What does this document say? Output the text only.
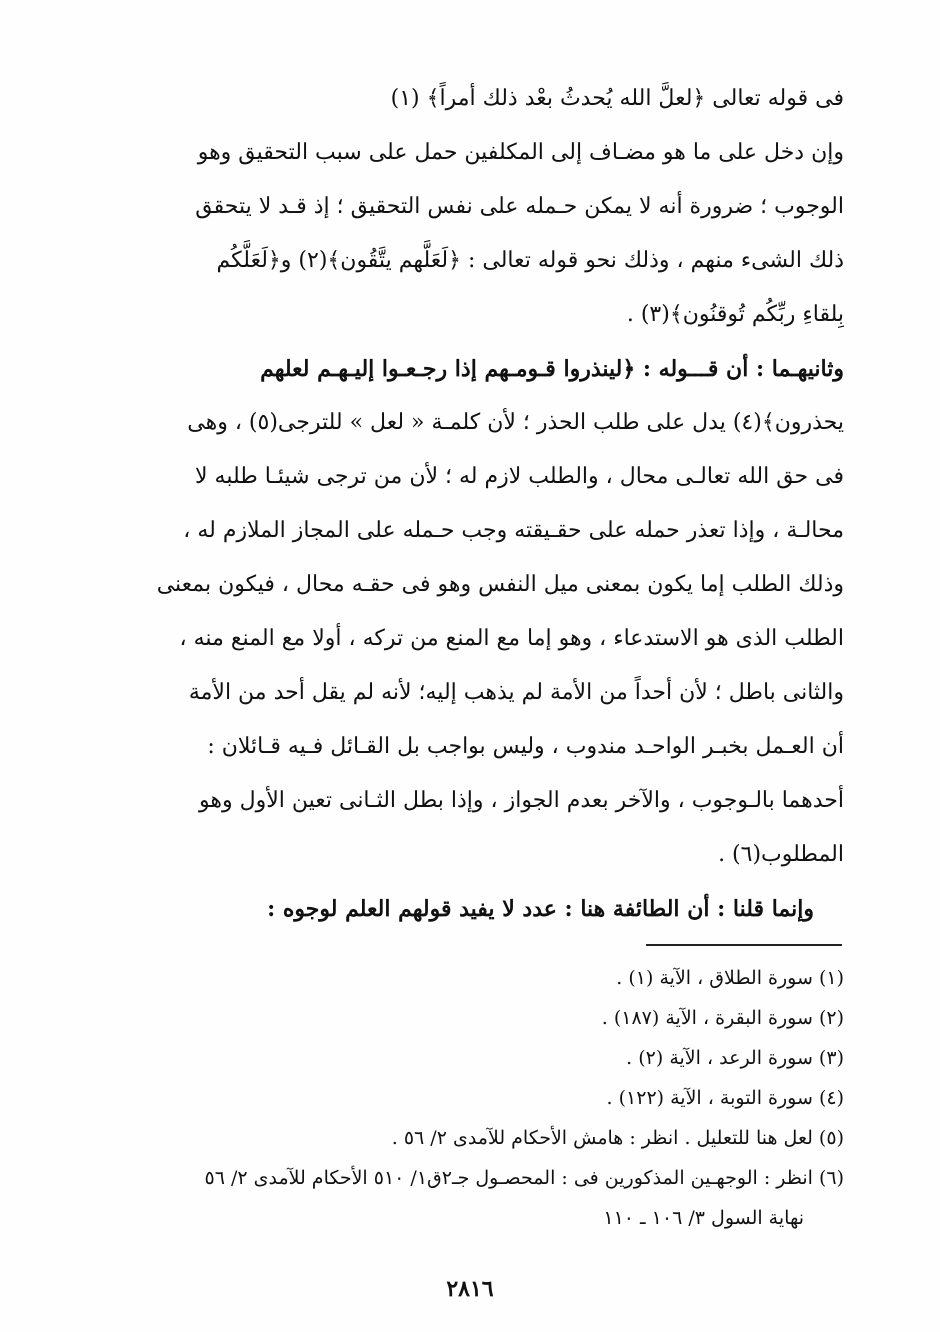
فى قوله تعالى ﴿لعلَّ الله يُحدثُ بعْد ذلك أمراً﴾ (١)
وإن دخل على ما هو مضـاف إلى المكلفين حمل على سبب التحقيق وهو
الوجوب ؛ ضرورة أنه لا يمكن حـمله على نفس التحقيق ؛ إذ قـد لا يتحقق
ذلك الشىء منهم ، وذلك نحو قوله تعالى : ﴿لَعَلَّهم يتَّقُون﴾(٢) و﴿لَعَلَّكُم
بِلقاءِ ربِّكُم تُوقنُون﴾(٣) .
وثانيهـما : أن قـــوله : ﴿لينذروا قـومـهم إذا رجـعـوا إليـهـم لعلهم
يحذرون﴾(٤) يدل على طلب الحذر ؛ لأن كلمـة « لعل » للترجى(٥) ، وهى
فى حق الله تعالـى محال ، والطلب لازم له ؛ لأن من ترجى شيئـا طلبه لا
محالـة ، وإذا تعذر حمله على حقـيقته وجب حـمله على المجاز الملازم له ،
وذلك الطلب إما يكون بمعنى ميل النفس وهو فى حقـه محال ، فيكون بمعنى
الطلب الذى هو الاستدعاء ، وهو إما مع المنع من تركه ، أولا مع المنع منه ،
والثانى باطل ؛ لأن أحداً من الأمة لم يذهب إليه؛ لأنه لم يقل أحد من الأمة
أن العـمل بخبـر الواحـد مندوب ، وليس بواجب بل القـائل فـيه قـائلان :
أحدهما بالـوجوب ، والآخر بعدم الجواز ، وإذا بطل الثـانى تعين الأول وهو
المطلوب(٦) .
وإنما قلنا : أن الطائفة هنا : عدد لا يفيد قولهم العلم لوجوه :
(١) سورة الطلاق ، الآية (١) .
(٢) سورة البقرة ، الآية (١٨٧) .
(٣) سورة الرعد ، الآية (٢) .
(٤) سورة التوبة ، الآية (١٢٢) .
(٥) لعل هنا للتعليل . انظر : هامش الأحكام للآمدى ٢/ ٥٦ .
(٦) انظر : الوجهـين المذكورين فى : المحصـول جـ٢ق١/ ٥١٠ الأحكام للآمدى ٢/ ٥٦
نهاية السول ٣/ ١٠٦ ـ ١١٠
٢٨١٦
